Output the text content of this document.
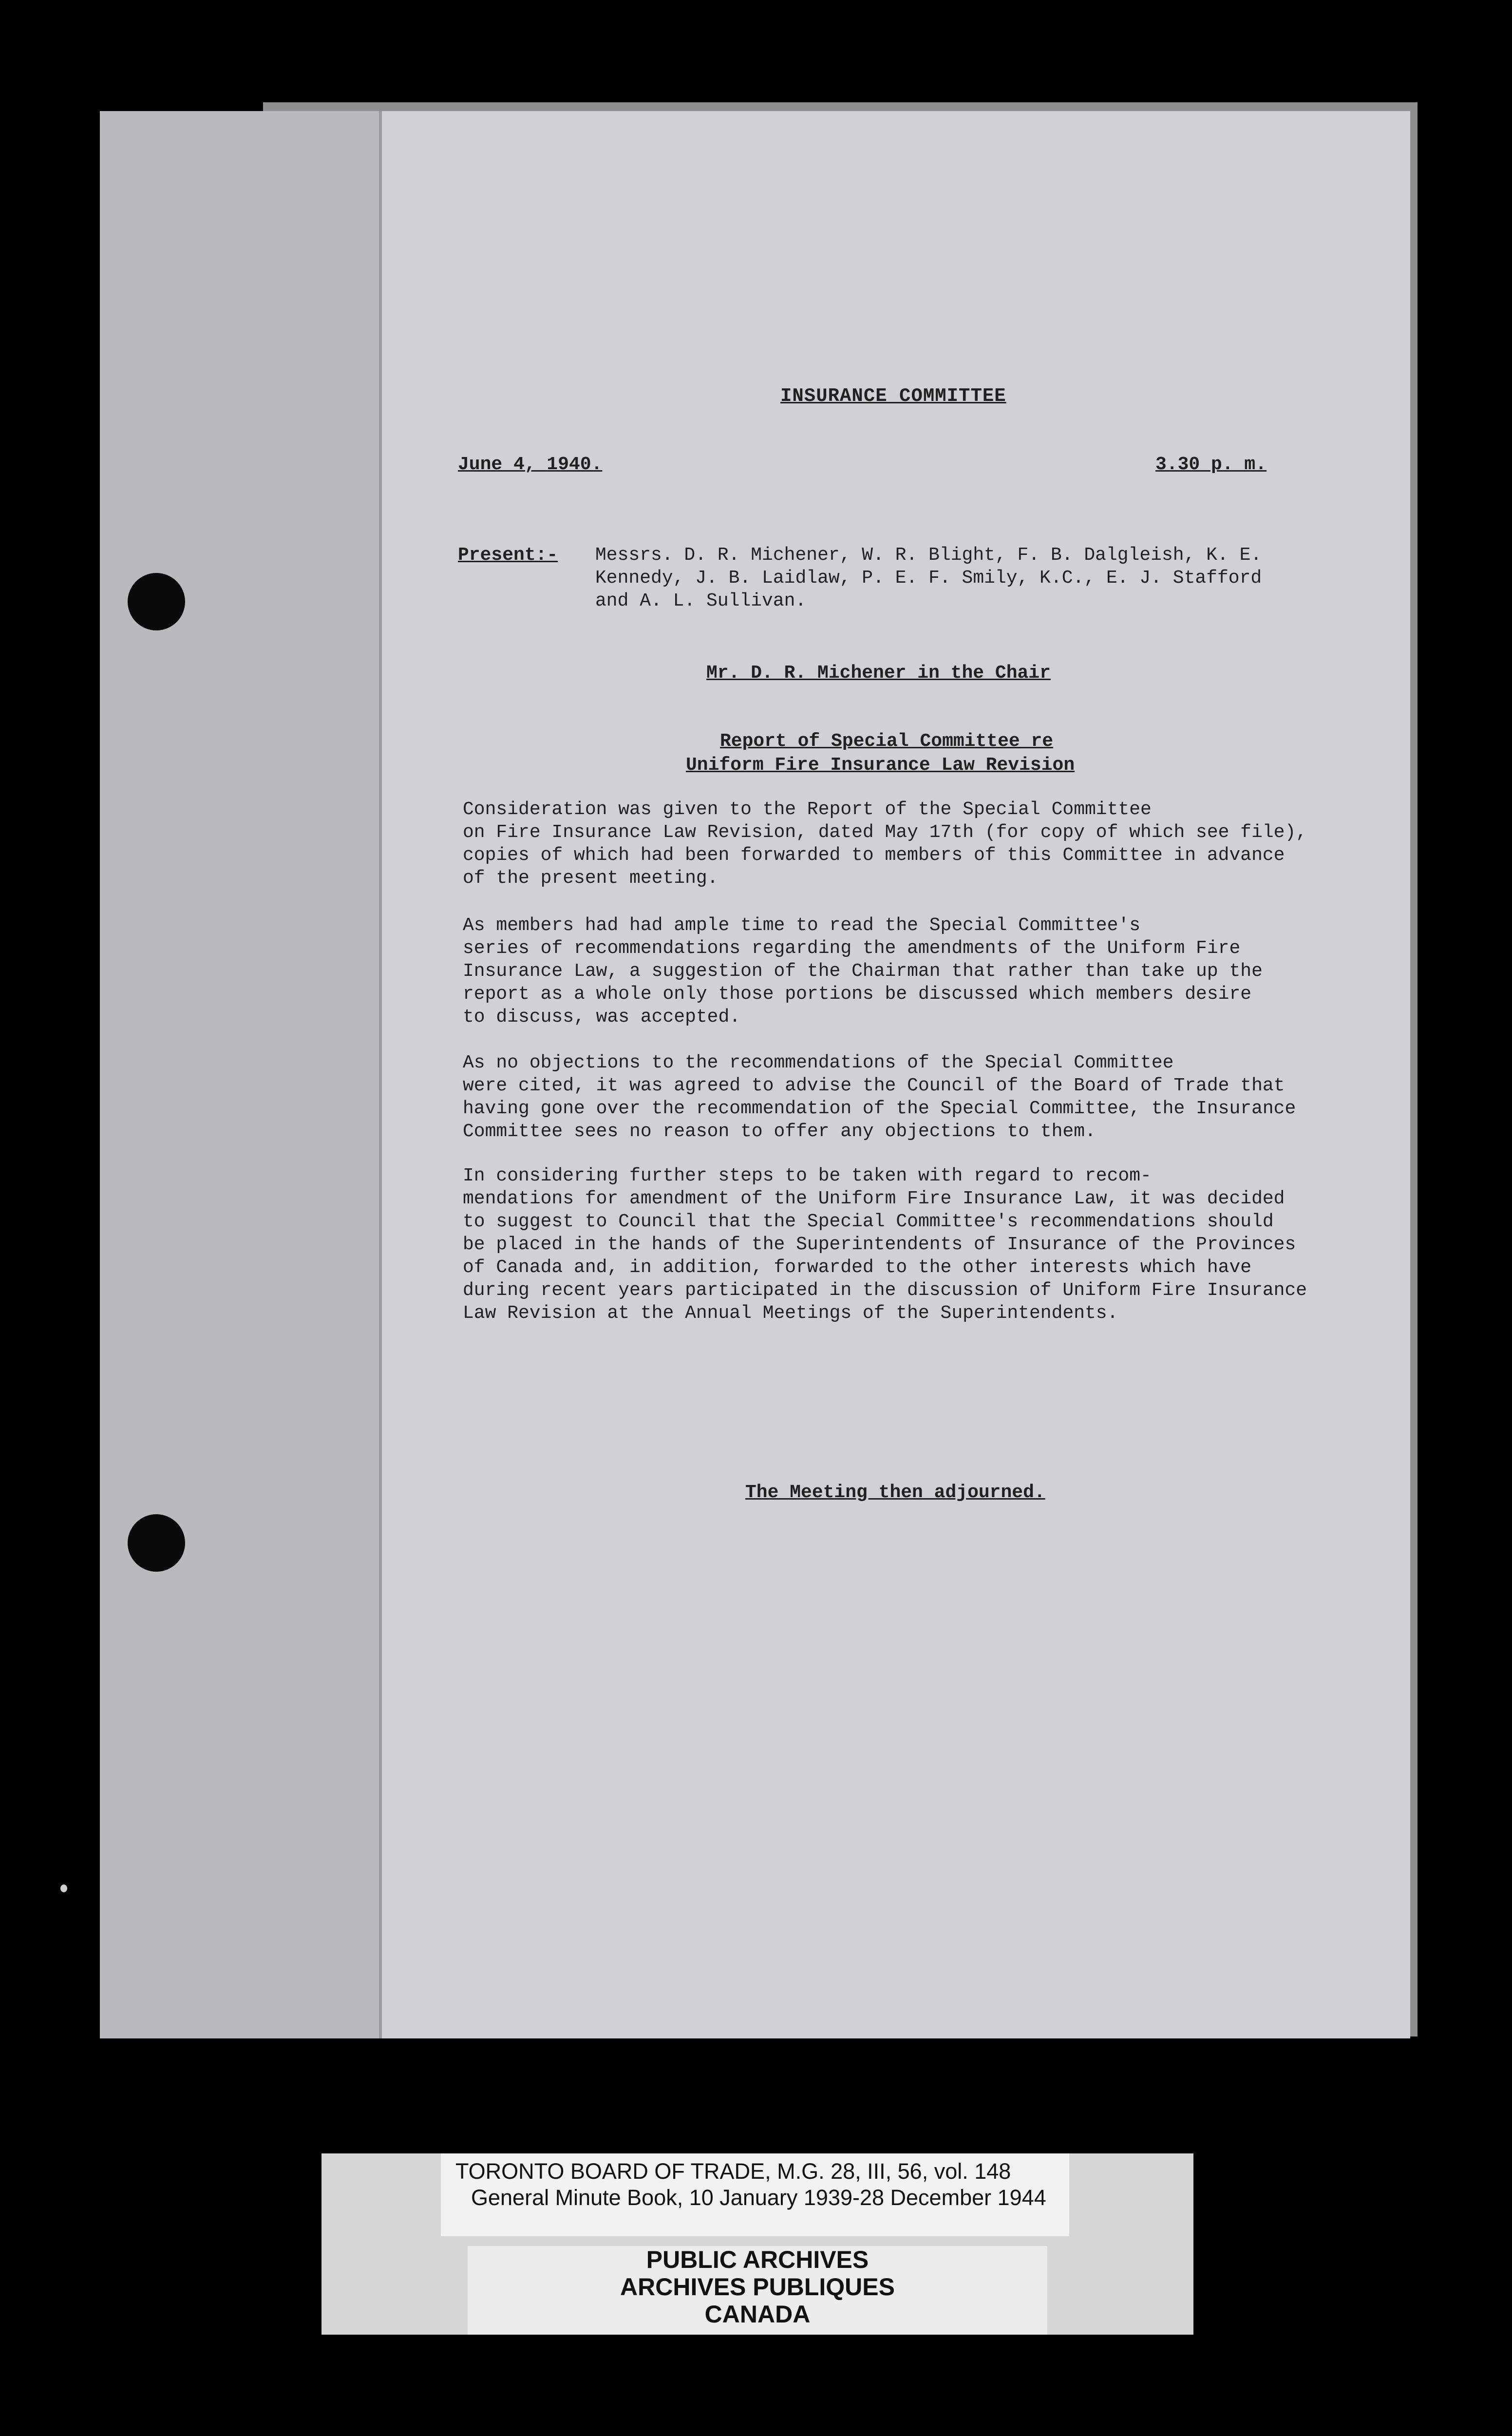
INSURANCE COMMITTEE
June 4, 1940.	3.30 p. m.
Present:- Messrs. D. R. Michener, W. R. Blight, F. B. Dalgleish, K. E.
Kennedy, J. B. Laidlaw, P. E. F. Smily, K.C., E. J. Stafford
and A. L. Sullivan.
Mr. D. R. Michener in the Chair
Report of Special Committee re
Uniform Fire Insurance Law Revision
Consideration was given to the Report of the Special Committee
on Fire Insurance Law Revision, dated May 17th (for copy of which see file),
copies of which had been forwarded to members of this Committee in advance
of the present meeting.
As members had had ample time to read the Special Committee's
series of recommendations regarding the amendments of the Uniform Fire
Insurance Law, a suggestion of the Chairman that rather than take up the
report as a whole only those portions be discussed which members desire
to discuss, was accepted.
As no objections to the recommendations of the Special Committee
were cited, it was agreed to advise the Council of the Board of Trade that
having gone over the recommendation of the Special Committee, the Insurance
Committee sees no reason to offer any objections to them.
In considering further steps to be taken with regard to recom-
mendations for amendment of the Uniform Fire Insurance Law, it was decided
to suggest to Council that the Special Committee's recommendations should
be placed in the hands of the Superintendents of Insurance of the Provinces
of Canada and, in addition, forwarded to the other interests which have
during recent years participated in the discussion of Uniform Fire Insurance
Law Revision at the Annual Meetings of the Superintendents.
The Meeting then adjourned.
TORONTO BOARD OF TRADE, M.G. 28, III, 56, vol. 148
General Minute Book, 10 January 1939-28 December 1944
PUBLIC ARCHIVES
ARCHIVES PUBLIQUES
CANADA
